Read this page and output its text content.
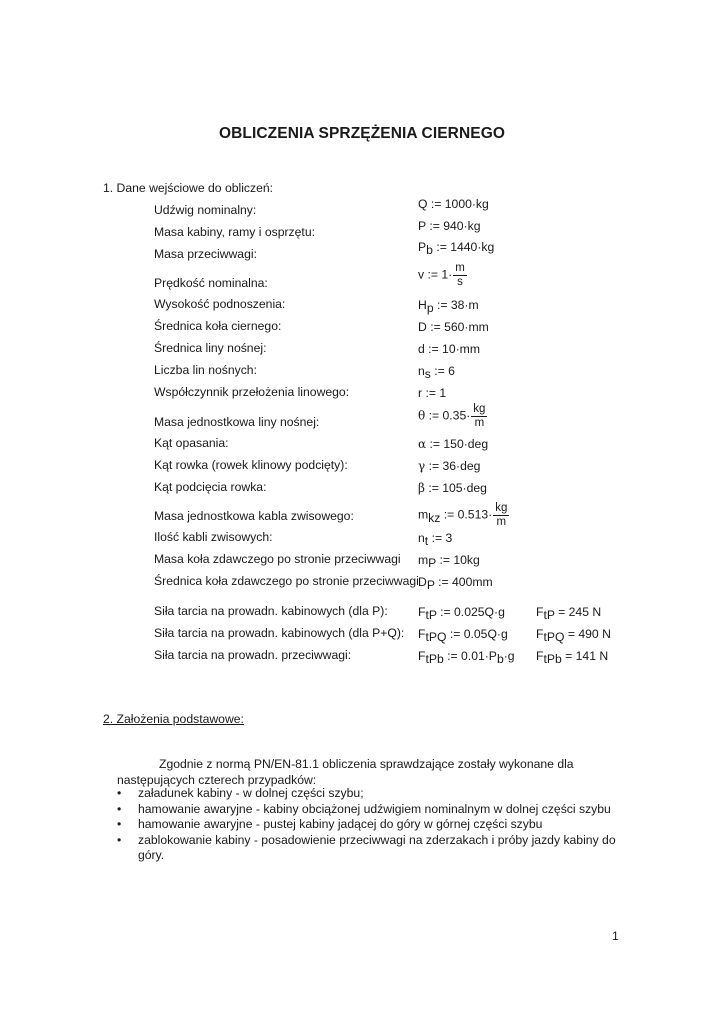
OBLICZENIA SPRZĘŻENIA CIERNEGO
1. Dane wejściowe do obliczeń:
Udźwig nominalny:	Q := 1000·kg
Masa kabiny, ramy i osprzętu:	P := 940·kg
Masa przeciwwagi:	Pb := 1440·kg
Prędkość nominalna:
v := $1\cdot \frac{m}{s}$
Wysokość podnoszenia:	Hp := 38·m
Średnica koła ciernego:	D := 560·mm
Średnica liny nośnej:	d := 10·mm
Liczba lin nośnych:	ns := 6
Współczynnik przełożenia linowego:	r := 1
Masa jednostkowa liny nośnej:	θ := $0.35\cdot \frac{kg}{m}$
Kąt opasania:	α := 150·deg
Kąt rowka (rowek klinowy podcięty):	γ := 36·deg
Kąt podcięcia rowka:	β := 105·deg
Masa jednostkowa kabla zwisowego:	mkz := $0.513\cdot \frac{kg}{m}$
Ilość kabli zwisowych:	nt := 3
Masa koła zdawczego po stronie przeciwwagi mP := 10kg
Średnica koła zdawczego po stronie przeciwwagi DP := 400mm
Siła tarcia na prowadn. kabinowych (dla P): FtP := 0.025Q·g	FtP = 245 N
Siła tarcia na prowadn. kabinowych (dla P+Q): FtPQ := 0.05Q·g FtPQ = 490 N
Siła tarcia na prowadn. przeciwwagi:	FtPb := 0.01·Pb·g FtPb = 141 N
2. Założenia podstawowe:
Zgodnie z normą PN/EN-81.1 obliczenia sprawdzające zostały wykonane dla następujących czterech przypadków:
• załadunek kabiny - w dolnej części szybu;
• hamowanie awaryjne - kabiny obciążonej udźwigiem nominalnym w dolnej części szybu
• hamowanie awaryjne - pustej kabiny jadącej do góry w górnej części szybu
• zablokowanie kabiny - posadowienie przeciwwagi na zderzakach i próby jazdy kabiny do góry.
1
